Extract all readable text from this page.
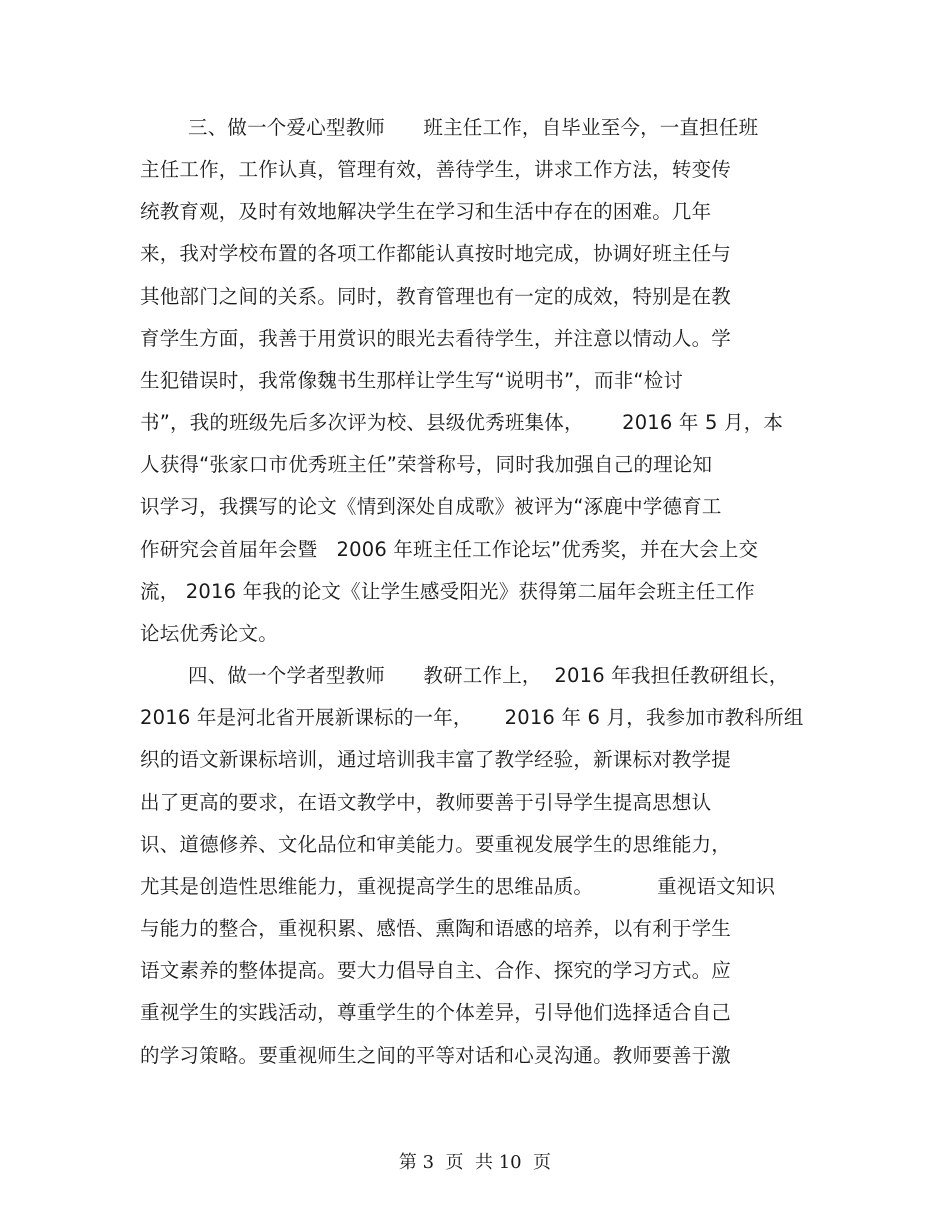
三、做一个爱心型教师      班主任工作，自毕业至今，一直担任班
主任工作，工作认真，管理有效，善待学生，讲求工作方法，转变传
统教育观，及时有效地解决学生在学习和生活中存在的困难。几年
来，我对学校布置的各项工作都能认真按时地完成，协调好班主任与
其他部门之间的关系。同时，教育管理也有一定的成效，特别是在教
育学生方面，我善于用赏识的眼光去看待学生，并注意以情动人。学
生犯错误时，我常像魏书生那样让学生写“说明书”，而非“检讨
书”，我的班级先后多次评为校、县级优秀班集体，      2016 年 5 月，本
人获得“张家口市优秀班主任”荣誉称号，同时我加强自己的理论知
识学习，我撰写的论文《情到深处自成歌》被评为“涿鹿中学德育工
作研究会首届年会暨   2006 年班主任工作论坛”优秀奖，并在大会上交
流， 2016 年我的论文《让学生感受阳光》获得第二届年会班主任工作
论坛优秀论文。
四、做一个学者型教师      教研工作上，  2016 年我担任教研组长，
2016 年是河北省开展新课标的一年，     2016 年 6 月，我参加市教科所组
织的语文新课标培训，通过培训我丰富了教学经验，新课标对教学提
出了更高的要求，在语文教学中，教师要善于引导学生提高思想认
识、道德修养、文化品位和审美能力。要重视发展学生的思维能力，
尤其是创造性思维能力，重视提高学生的思维品质。          重视语文知识
与能力的整合，重视积累、感悟、熏陶和语感的培养，以有利于学生
语文素养的整体提高。要大力倡导自主、合作、探究的学习方式。应
重视学生的实践活动，尊重学生的个体差异，引导他们选择适合自己
的学习策略。要重视师生之间的平等对话和心灵沟通。教师要善于激
第 3  页  共 10  页
